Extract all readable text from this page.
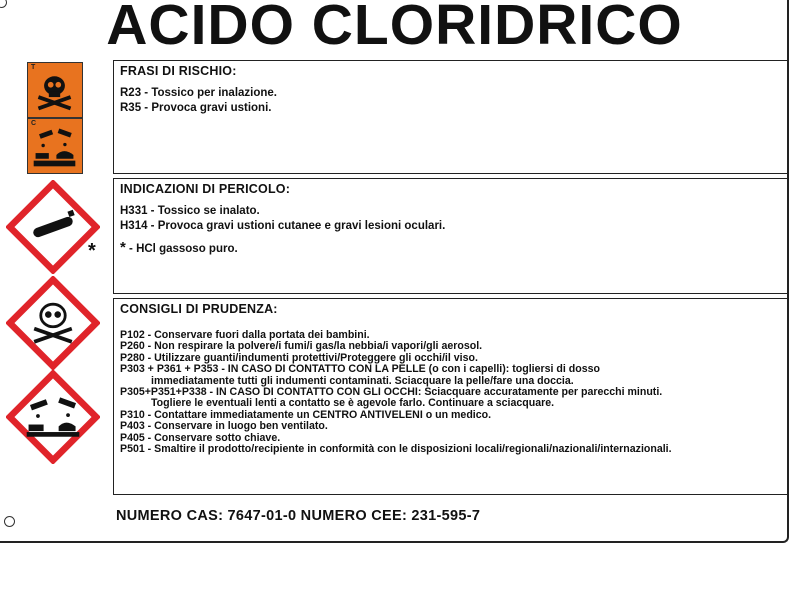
ACIDO CLORIDRICO
T
C
*
FRASI DI RISCHIO:
R23 - Tossico per inalazione.
R35 - Provoca gravi ustioni.
INDICAZIONI DI PERICOLO:
H331 - Tossico se inalato.
H314 - Provoca gravi ustioni cutanee e gravi lesioni oculari.
* - HCl gassoso puro.
CONSIGLI DI PRUDENZA:
P102 - Conservare fuori dalla portata dei bambini.
P260 - Non respirare la polvere/i fumi/i gas/la nebbia/i vapori/gli aerosol.
P280 - Utilizzare guanti/indumenti protettivi/Proteggere gli occhi/il viso.
P303 + P361 + P353 - IN CASO DI CONTATTO CON LA PELLE (o con i capelli): togliersi di dosso
immediatamente tutti gli indumenti contaminati. Sciacquare la pelle/fare una doccia.
P305+P351+P338 - IN CASO DI CONTATTO CON GLI OCCHI: Sciacquare accuratamente per parecchi minuti.
Togliere le eventuali lenti a contatto se è agevole farlo. Continuare a sciacquare.
P310 - Contattare immediatamente un CENTRO ANTIVELENI o un medico.
P403 - Conservare in luogo ben ventilato.
P405 - Conservare sotto chiave.
P501 - Smaltire il prodotto/recipiente in conformità con le disposizioni locali/regionali/nazionali/internazionali.
NUMERO CAS: 7647-01-0 NUMERO CEE: 231-595-7
